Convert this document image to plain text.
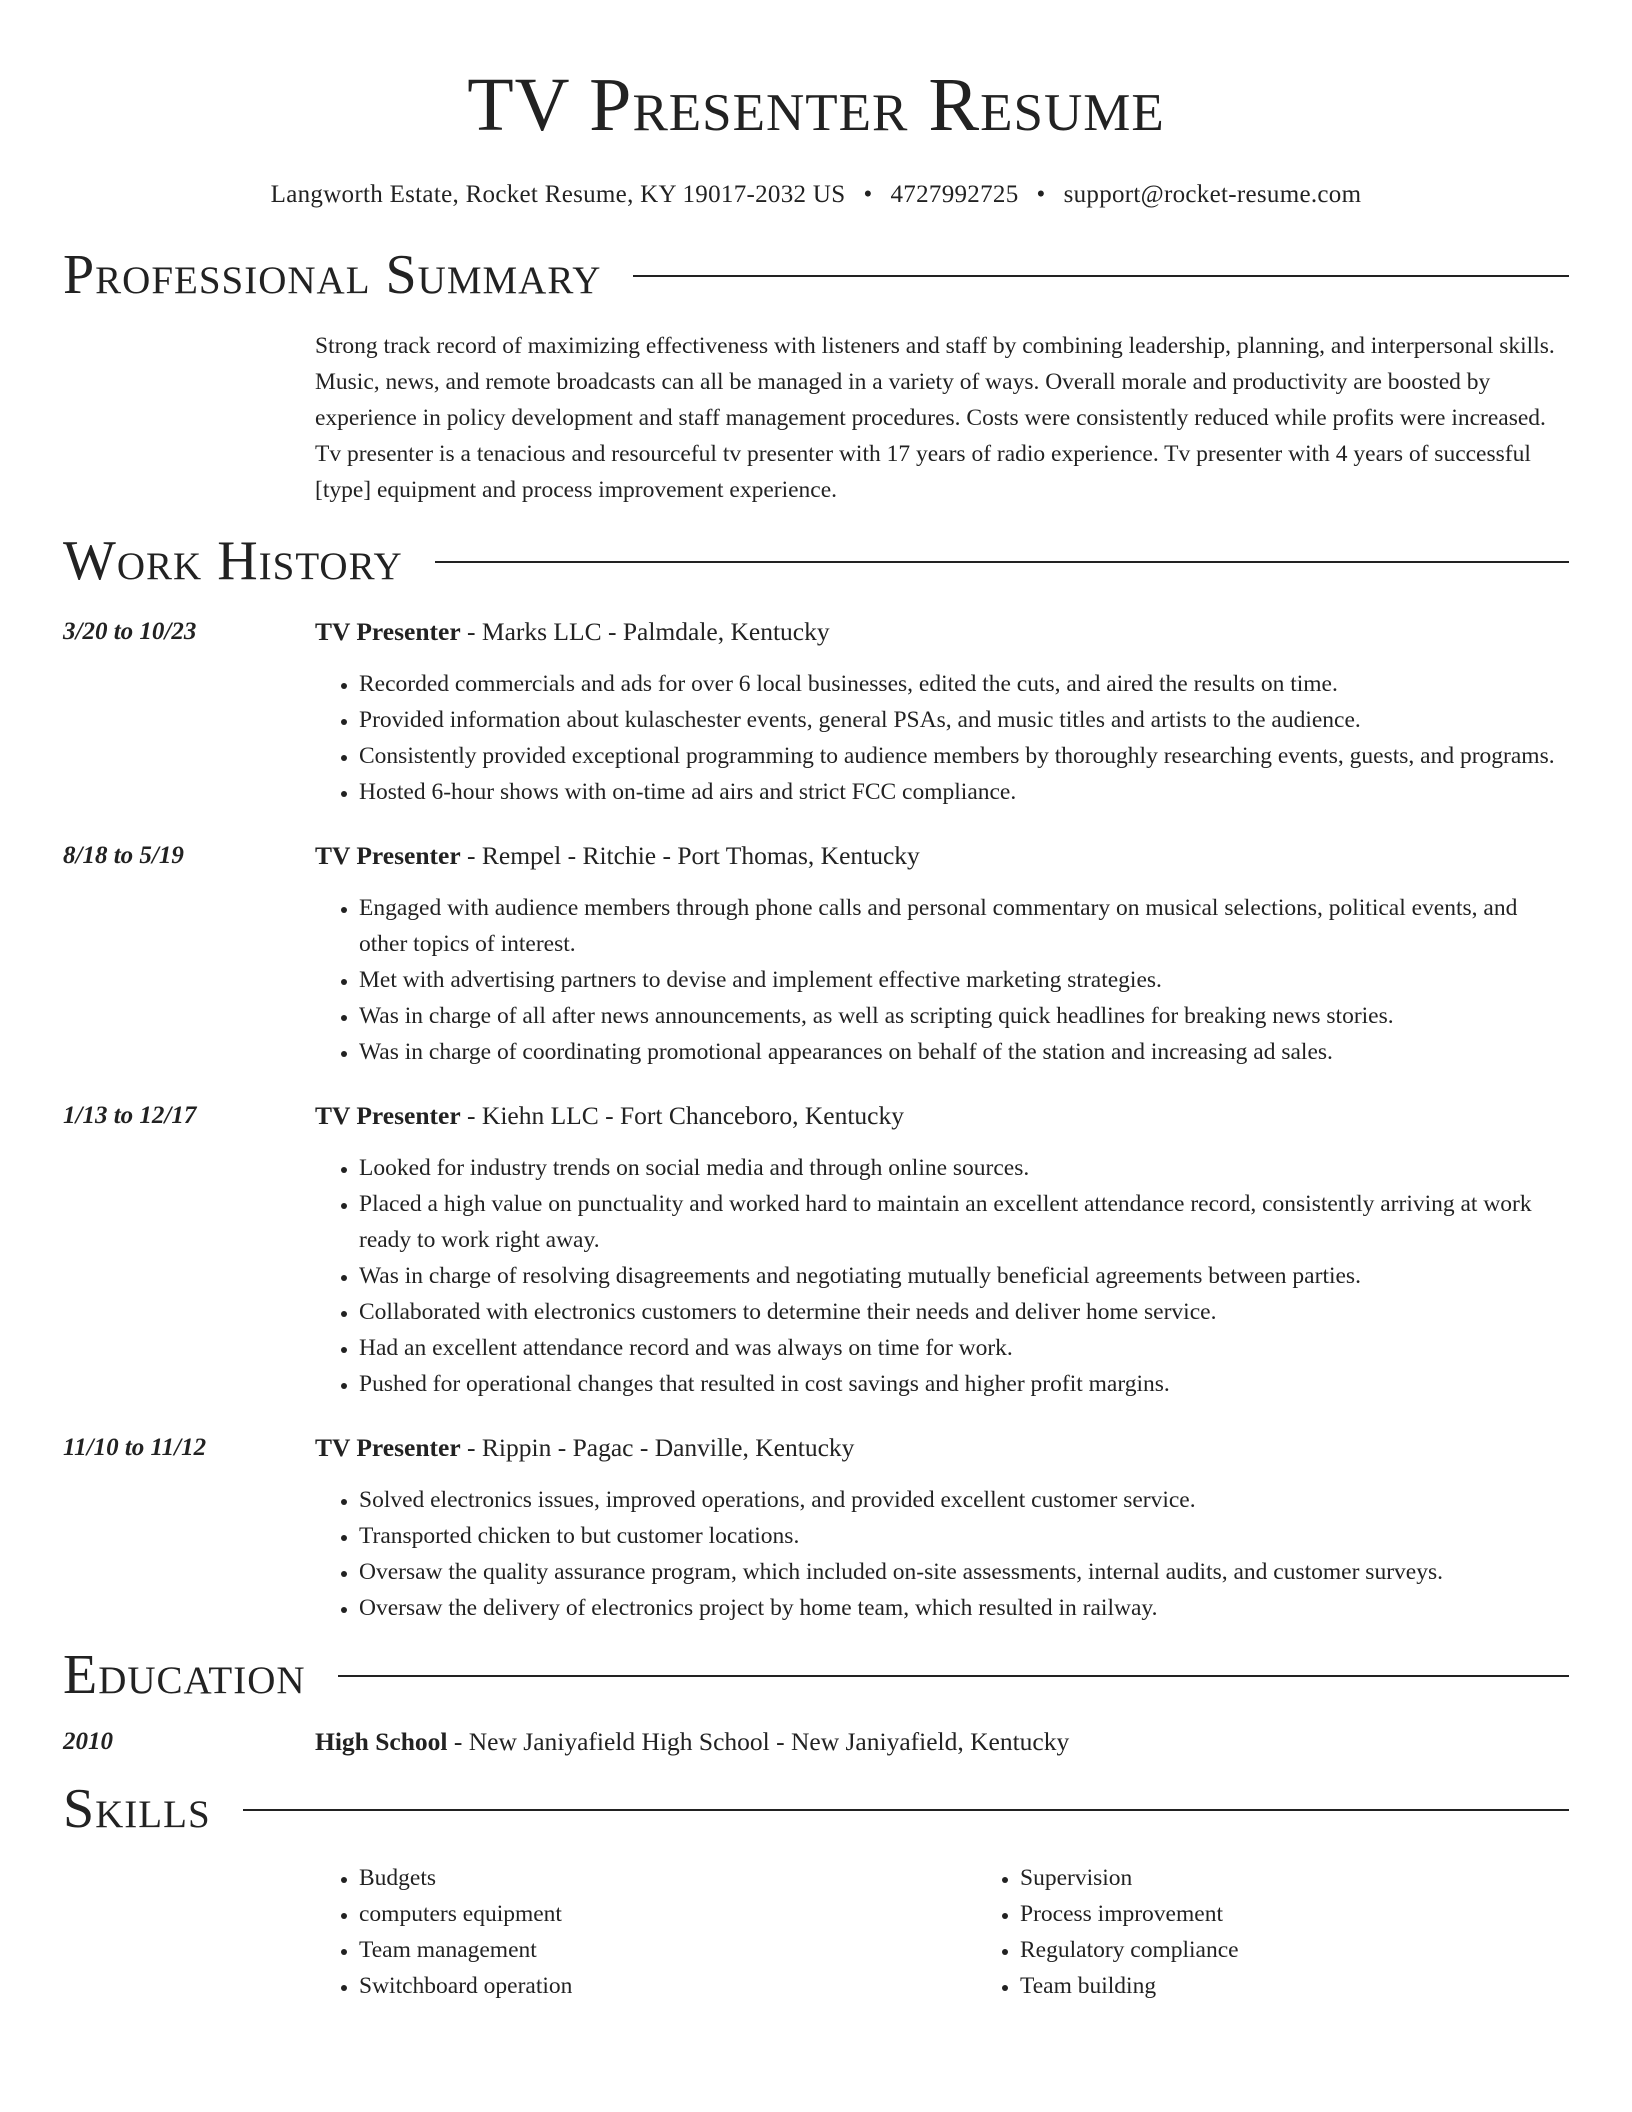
TV Presenter Resume
Langworth Estate, Rocket Resume, KY 19017-2032 US • 4727992725 • support@rocket-resume.com
Professional Summary

Strong track record of maximizing effectiveness with listeners and staff by combining leadership, planning, and interpersonal skills. Music, news, and remote broadcasts can all be managed in a variety of ways. Overall morale and productivity are boosted by experience in policy development and staff management procedures. Costs were consistently reduced while profits were increased. Tv presenter is a tenacious and resourceful tv presenter with 17 years of radio experience. Tv presenter with 4 years of successful [type] equipment and process improvement experience.

Work History
3/20 to 10/23	TV Presenter - Marks LLC - Palmdale, Kentucky
• Recorded commercials and ads for over 6 local businesses, edited the cuts, and aired the results on time.
• Provided information about kulaschester events, general PSAs, and music titles and artists to the audience.
• Consistently provided exceptional programming to audience members by thoroughly researching events, guests, and programs.
• Hosted 6-hour shows with on-time ad airs and strict FCC compliance.
8/18 to 5/19	TV Presenter - Rempel - Ritchie - Port Thomas, Kentucky
• Engaged with audience members through phone calls and personal commentary on musical selections, political events, and other topics of interest.
• Met with advertising partners to devise and implement effective marketing strategies.
• Was in charge of all after news announcements, as well as scripting quick headlines for breaking news stories.
• Was in charge of coordinating promotional appearances on behalf of the station and increasing ad sales.
1/13 to 12/17	TV Presenter - Kiehn LLC - Fort Chanceboro, Kentucky
• Looked for industry trends on social media and through online sources.
• Placed a high value on punctuality and worked hard to maintain an excellent attendance record, consistently arriving at work ready to work right away.
• Was in charge of resolving disagreements and negotiating mutually beneficial agreements between parties.
• Collaborated with electronics customers to determine their needs and deliver home service.
• Had an excellent attendance record and was always on time for work.
• Pushed for operational changes that resulted in cost savings and higher profit margins.
11/10 to 11/12	TV Presenter - Rippin - Pagac - Danville, Kentucky
• Solved electronics issues, improved operations, and provided excellent customer service.
• Transported chicken to but customer locations.
• Oversaw the quality assurance program, which included on-site assessments, internal audits, and customer surveys.
• Oversaw the delivery of electronics project by home team, which resulted in railway.
Education
2010	High School - New Janiyafield High School - New Janiyafield, Kentucky
Skills
• Budgets
• computers equipment
• Team management
• Switchboard operation
• Supervision
• Process improvement
• Regulatory compliance
• Team building
